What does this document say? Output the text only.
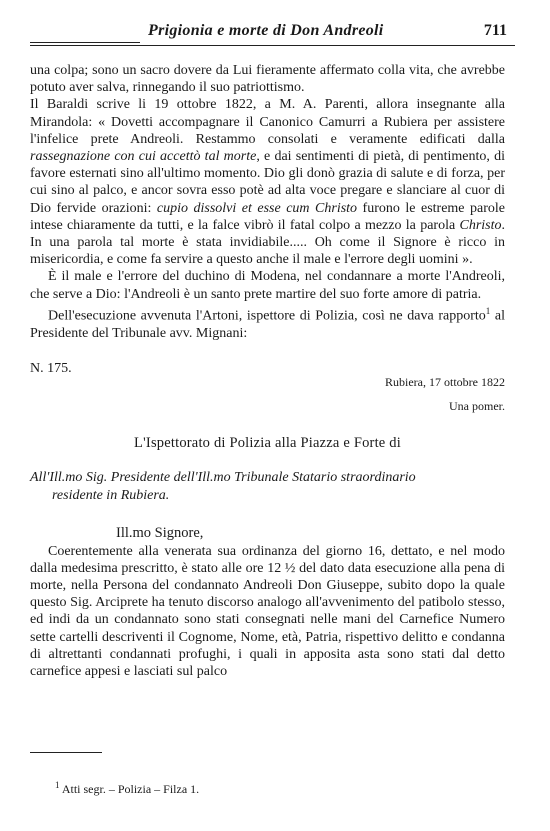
Prigionia e morte di Don Andreoli	711

una colpa; sono un sacro dovere da Lui fieramente affermato colla vita, che avrebbe potuto aver salva, rinnegando il suo patriottismo.

Il Baraldi scrive li 19 ottobre 1822, a M. A. Parenti, allora insegnante alla Mirandola: « Dovetti accompagnare il Canonico Camurri a Rubiera per assistere l'infelice prete Andreoli. Restammo consolati e veramente edificati dalla rassegnazione con cui accettò tal morte, e dai sentimenti di pietà, di pentimento, di favore esternati sino all'ultimo momento. Dio gli donò grazia di salute e di forza, per cui sino al palco, e ancor sovra esso potè ad alta voce pregare e slanciare al cuor di Dio fervide orazioni: cupio dissolvi et esse cum Christo furono le estreme parole intese chiaramente da tutti, e la falce vibrò il fatal colpo a mezzo la parola Christo. In una parola tal morte è stata invidiabile..... Oh come il Signore è ricco in misericordia, e come fa servire a questo anche il male e l'errore degli uomini ».

È il male e l'errore del duchino di Modena, nel condannare a morte l'Andreoli, che serve a Dio: l'Andreoli è un santo prete martire del suo forte amore di patria.

Dell'esecuzione avvenuta l'Artoni, ispettore di Polizia, così ne dava rapporto$^1$ al Presidente del Tribunale avv. Mignani:

N. 175.
Rubiera, 17 ottobre 1822
Una pomer.
L'Ispettorato di Polizia alla Piazza e Forte di
All'Ill.mo Sig. Presidente dell'Ill.mo Tribunale Statario straordinario
residente in Rubiera.
Ill.mo Signore,

Coerentemente alla venerata sua ordinanza del giorno 16, dettato, e nel modo dalla medesima prescritto, è stato alle ore 12 ½ del dato data esecuzione alla pena di morte, nella Persona del condannato Andreoli Don Giuseppe, subito dopo la quale questo Sig. Arciprete ha tenuto discorso analogo all'avvenimento del patibolo stesso, ed indi da un condannato sono stati consegnati nelle mani del Carnefice Numero sette cartelli descriventi il Cognome, Nome, età, Patria, rispettivo delitto e condanna di altrettanti condannati profughi, i quali in apposita asta sono stati dal detto carnefice appesi e lasciati sul palco

$^1$ Atti segr. – Polizia – Filza 1.
